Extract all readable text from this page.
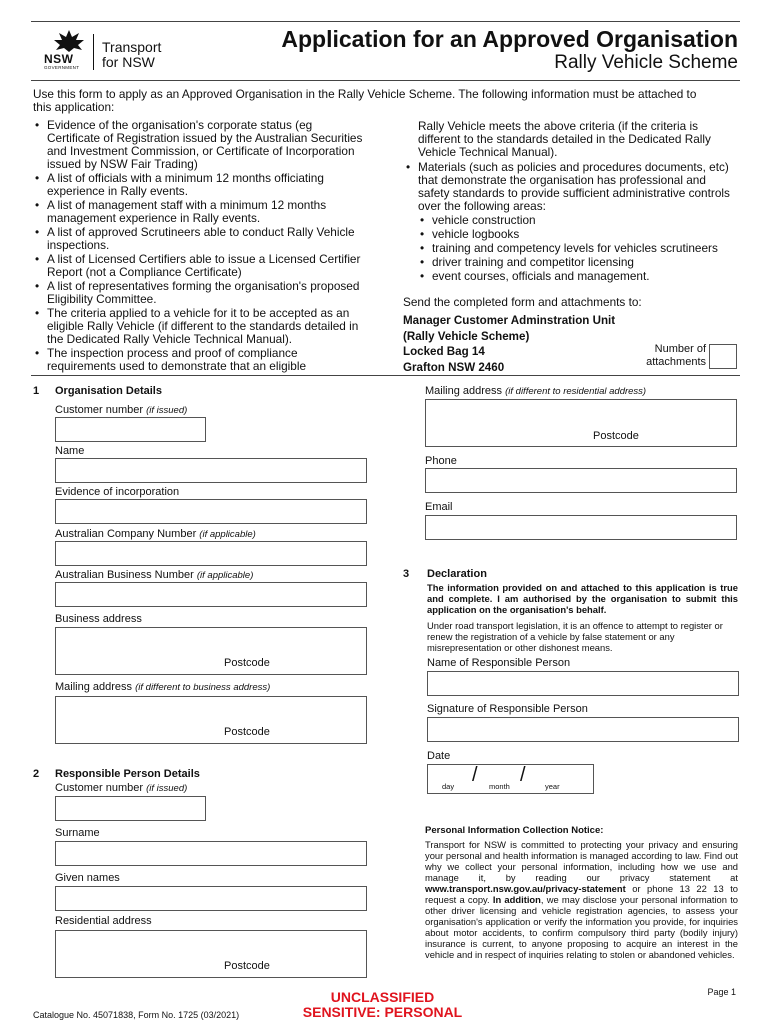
NSW
GOVERNMENT
Transport
for NSW
Application for an Approved Organisation
Rally Vehicle Scheme
Use this form to apply as an Approved Organisation in the Rally Vehicle Scheme. The following information must be attached to this application:
• Evidence of the organisation's corporate status (eg Certificate of Registration issued by the Australian Securities and Investment Commission, or Certificate of Incorporation issued by NSW Fair Trading)
• A list of officials with a minimum 12 months officiating experience in Rally events.
• A list of management staff with a minimum 12 months management experience in Rally events.
• A list of approved Scrutineers able to conduct Rally Vehicle inspections.
• A list of Licensed Certifiers able to issue a Licensed Certifier Report (not a Compliance Certificate)
• A list of representatives forming the organisation's proposed Eligibility Committee.
• The criteria applied to a vehicle for it to be accepted as an eligible Rally Vehicle (if different to the standards detailed in the Dedicated Rally Vehicle Technical Manual).
• The inspection process and proof of compliance requirements used to demonstrate that an eligible
Rally Vehicle meets the above criteria (if the criteria is different to the standards detailed in the Dedicated Rally Vehicle Technical Manual).
• Materials (such as policies and procedures documents, etc) that demonstrate the organisation has professional and safety standards to provide sufficient administrative controls over the following areas:
• vehicle construction
• vehicle logbooks
• training and competency levels for vehicles scrutineers
• driver training and competitor licensing
• event courses, officials and management.
Send the completed form and attachments to:
Manager Customer Adminstration Unit
(Rally Vehicle Scheme)
Locked Bag 14
Grafton NSW 2460
Number of
attachments
1 Organisation Details
Customer number (if issued)
Name
Evidence of incorporation
Australian Company Number (if applicable)
Australian Business Number (if applicable)
Business address
Postcode
Mailing address (if different to business address)
Postcode
Mailing address (if different to residential address)
Postcode
Phone
Email
3 Declaration
The information provided on and attached to this application is true and complete. I am authorised by the organisation to submit this application on the organisation's behalf.
Under road transport legislation, it is an offence to attempt to register or renew the registration of a vehicle by false statement or any misrepresentation or other dishonest means.
Name of Responsible Person
Signature of Responsible Person
Date
/ /
day	month	year
2 Responsible Person Details
Customer number (if issued)
Surname
Given names
Residential address
Postcode
Personal Information Collection Notice:
Transport for NSW is committed to protecting your privacy and ensuring your personal and health information is managed according to law. Find out why we collect your personal information, including how we use and manage it, by reading our privacy statement at www.transport.nsw.gov.au/privacy-statement or phone 13 22 13 to request a copy. In addition, we may disclose your personal information to other driver licensing and vehicle registration agencies, to assess your organisation's application or verify the information you provide, for inquiries about motor accidents, to confirm compulsory third party (bodily injury) insurance is current, to anyone proposing to acquire an interest in the vehicle and in respect of inquiries relating to stolen or abandoned vehicles.
Catalogue No. 45071838, Form No. 1725 (03/2021)
UNCLASSIFIED
SENSITIVE: PERSONAL
Page 1
